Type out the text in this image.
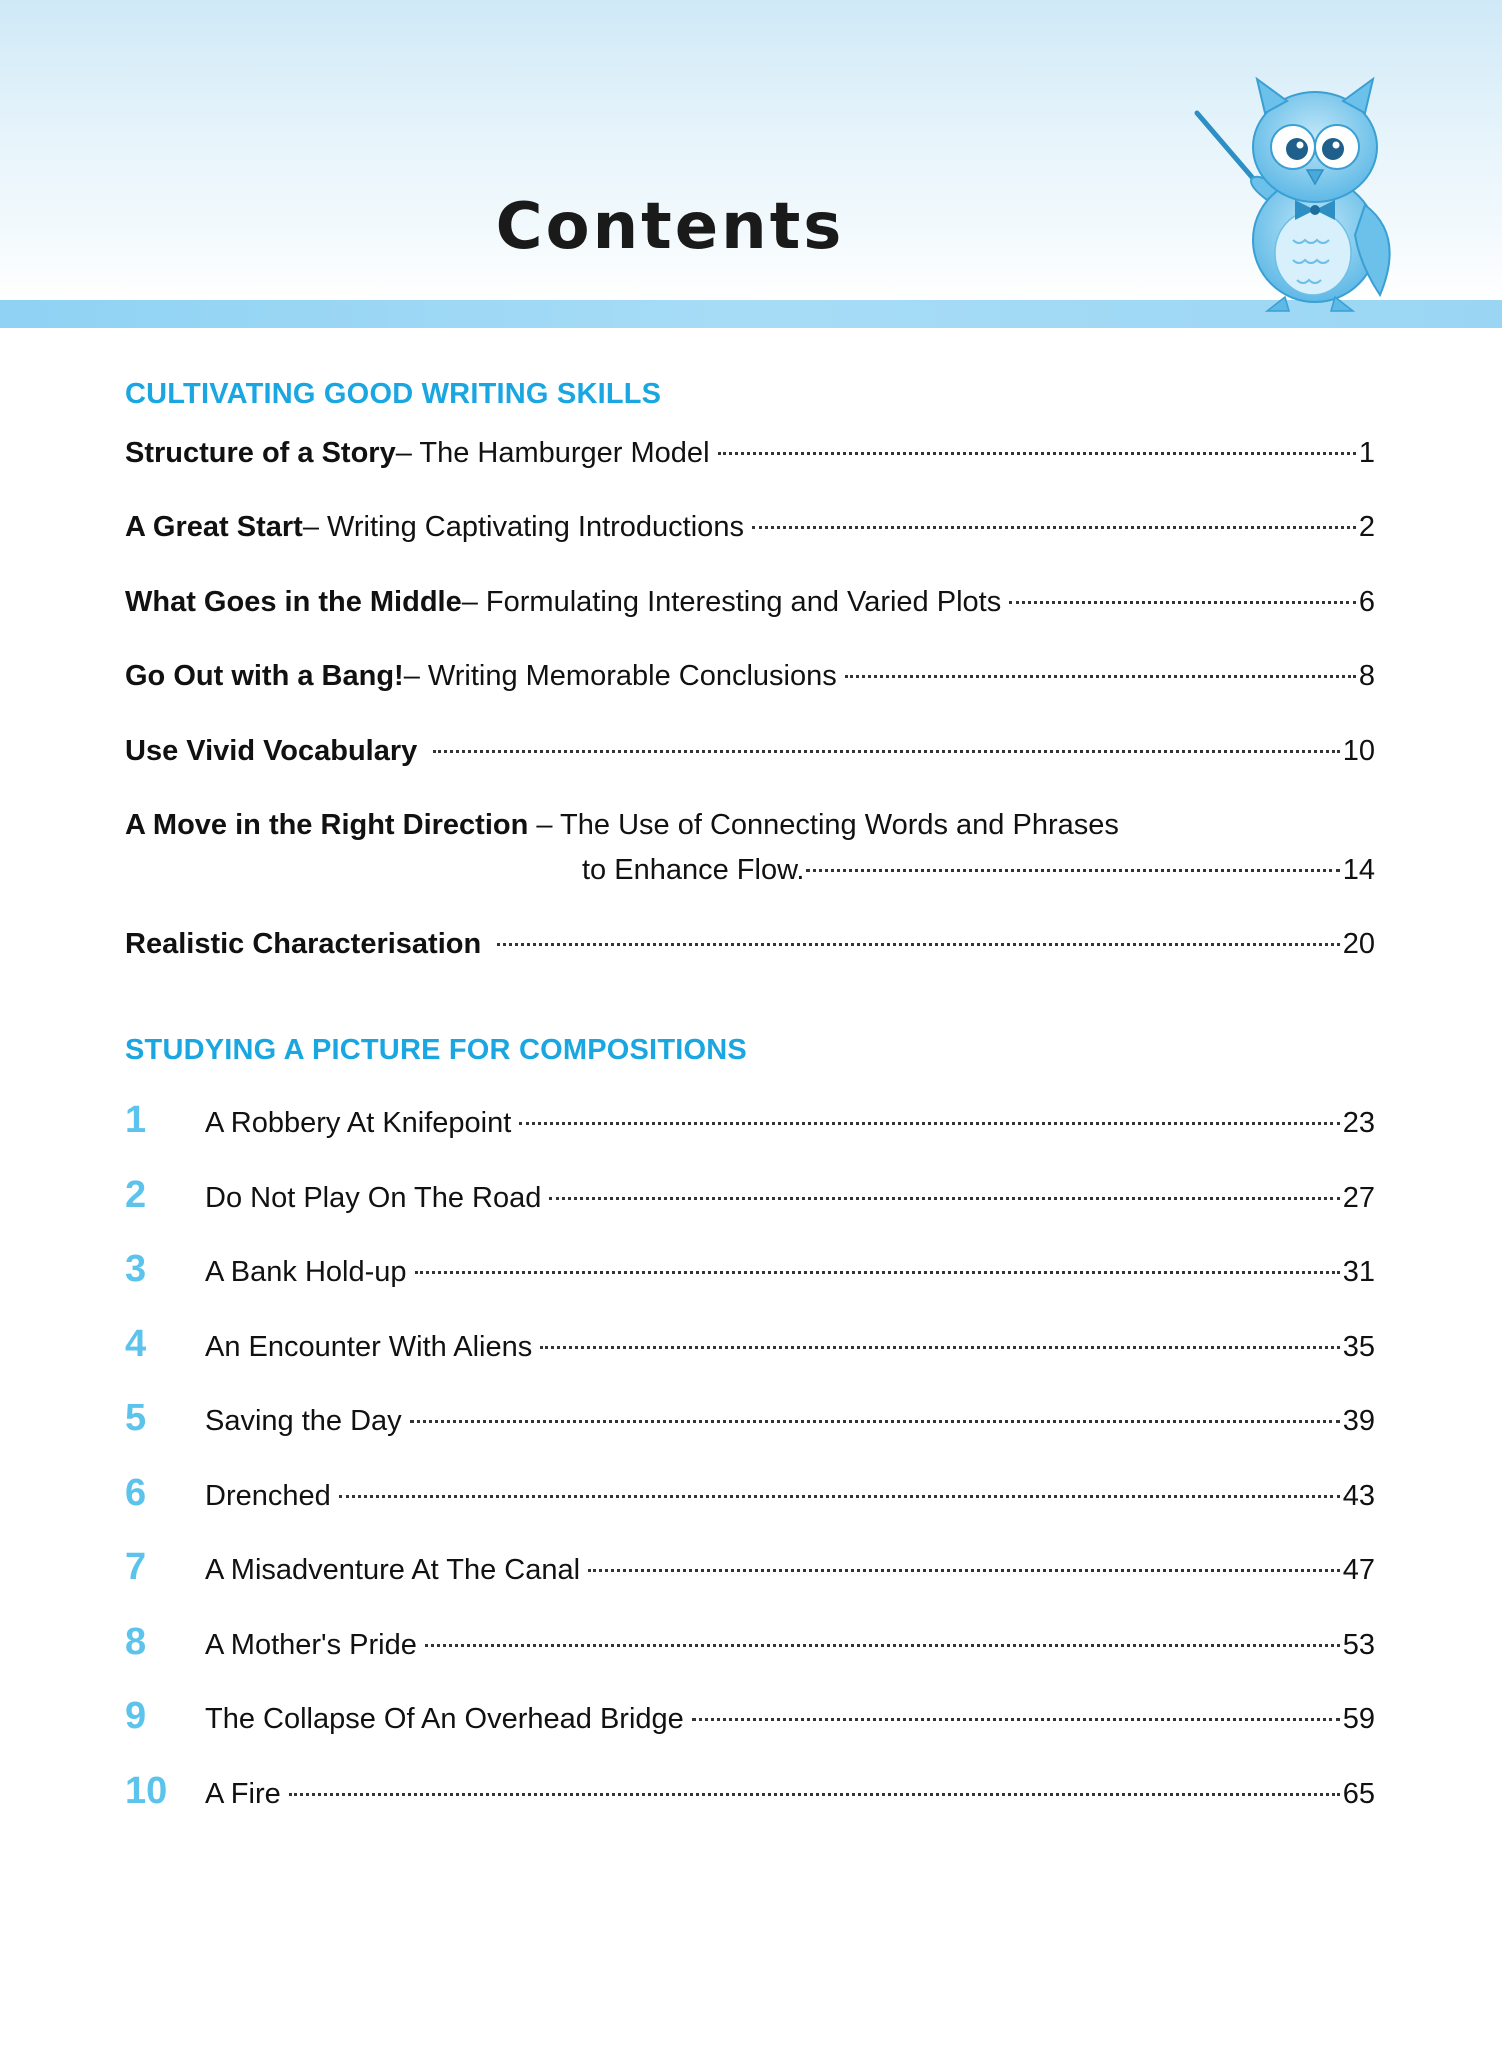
Contents
CULTIVATING GOOD WRITING SKILLS
Structure of a Story – The Hamburger Model	1
A Great Start – Writing Captivating Introductions	2
What Goes in the Middle – Formulating Interesting and Varied Plots	6
Go Out with a Bang! – Writing Memorable Conclusions	8
Use Vivid Vocabulary	10
A Move in the Right Direction – The Use of Connecting Words and Phrases
to Enhance Flow.	14
Realistic Characterisation	20
STUDYING A PICTURE FOR COMPOSITIONS
1	A Robbery At Knifepoint	23
2	Do Not Play On The Road	27
3	A Bank Hold-up	31
4	An Encounter With Aliens	35
5	Saving the Day	39
6	Drenched	43
7	A Misadventure At The Canal	47
8	A Mother's Pride	53
9	The Collapse Of An Overhead Bridge	59
10	A Fire	65
